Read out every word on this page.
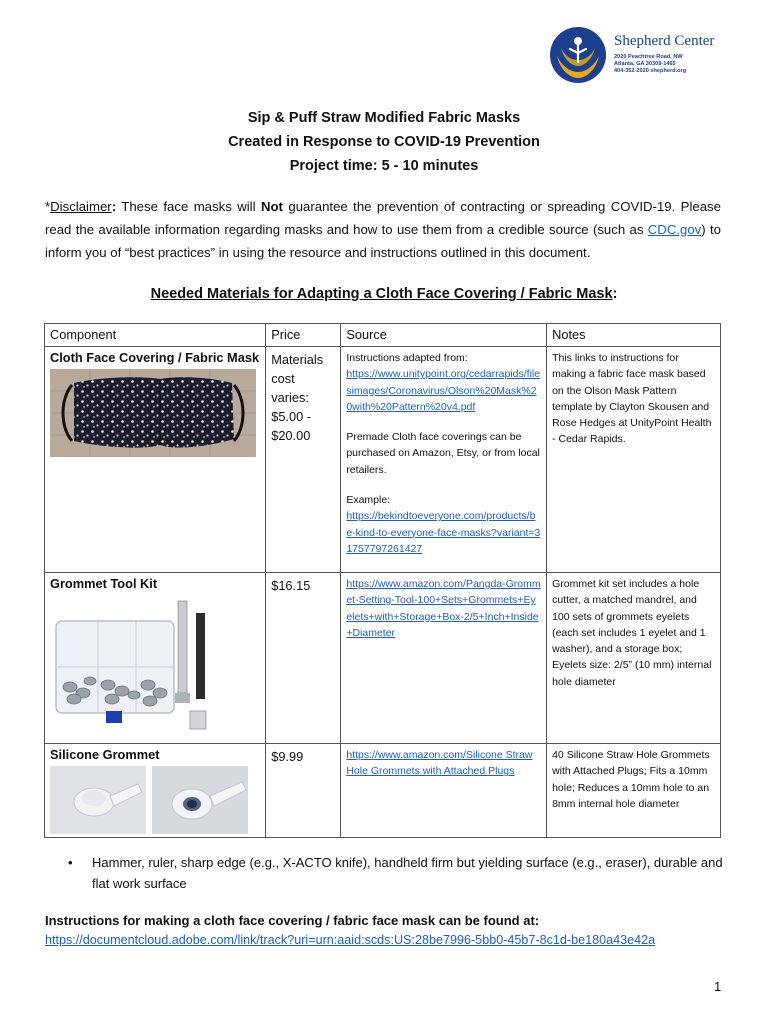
Shepherd Center
2020 Peachtree Road, NW
Atlanta, GA 30309-1465
404-352-2020 shepherd.org
Sip & Puff Straw Modified Fabric Masks
Created in Response to COVID-19 Prevention
Project time: 5 - 10 minutes
*Disclaimer: These face masks will Not guarantee the prevention of contracting or spreading COVID-19. Please read the available information regarding masks and how to use them from a credible source (such as CDC.gov) to inform you of “best practices” in using the resource and instructions outlined in this document.
Needed Materials for Adapting a Cloth Face Covering / Fabric Mask:
Component	Price	Source	Notes

Cloth Face Covering / Fabric Mask	Materials cost varies: $5.00 - $20.00	Instructions adapted from:
https://www.unitypoint.org/cedarrapids/filesimages/Coronavirus/Olson%20Mask%20with%20Pattern%20v4.pdf
Premade Cloth face coverings can be purchased on Amazon, Etsy, or from local retailers.
Example:
https://bekindtoeveryone.com/products/be-kind-to-everyone-face-masks?variant=31757797261427	This links to instructions for making a fabric face mask based on the Olson Mask Pattern template by Clayton Skousen and Rose Hedges at UnityPoint Health - Cedar Rapids.

Grommet Tool Kit	$16.15	https://www.amazon.com/Pangda-Grommet-Setting-Tool-100+Sets+Grommets+Eyelets+with+Storage+Box-2/5+Inch+Inside+Diameter	Grommet kit set includes a hole cutter, a matched mandrel, and 100 sets of grommets eyelets (each set includes 1 eyelet and 1 washer), and a storage box; Eyelets size: 2/5” (10 mm) internal hole diameter

Silicone Grommet	$9.99	https://www.amazon.com/Silicone Straw Hole Grommets with Attached Plugs	40 Silicone Straw Hole Grommets with Attached Plugs; Fits a 10mm hole; Reduces a 10mm hole to an 8mm internal hole diameter
• Hammer, ruler, sharp edge (e.g., X-ACTO knife), handheld firm but yielding surface (e.g., eraser), durable and flat work surface
Instructions for making a cloth face covering / fabric face mask can be found at:
https://documentcloud.adobe.com/link/track?uri=urn:aaid:scds:US:28be7996-5bb0-45b7-8c1d-be180a43e42a
1
